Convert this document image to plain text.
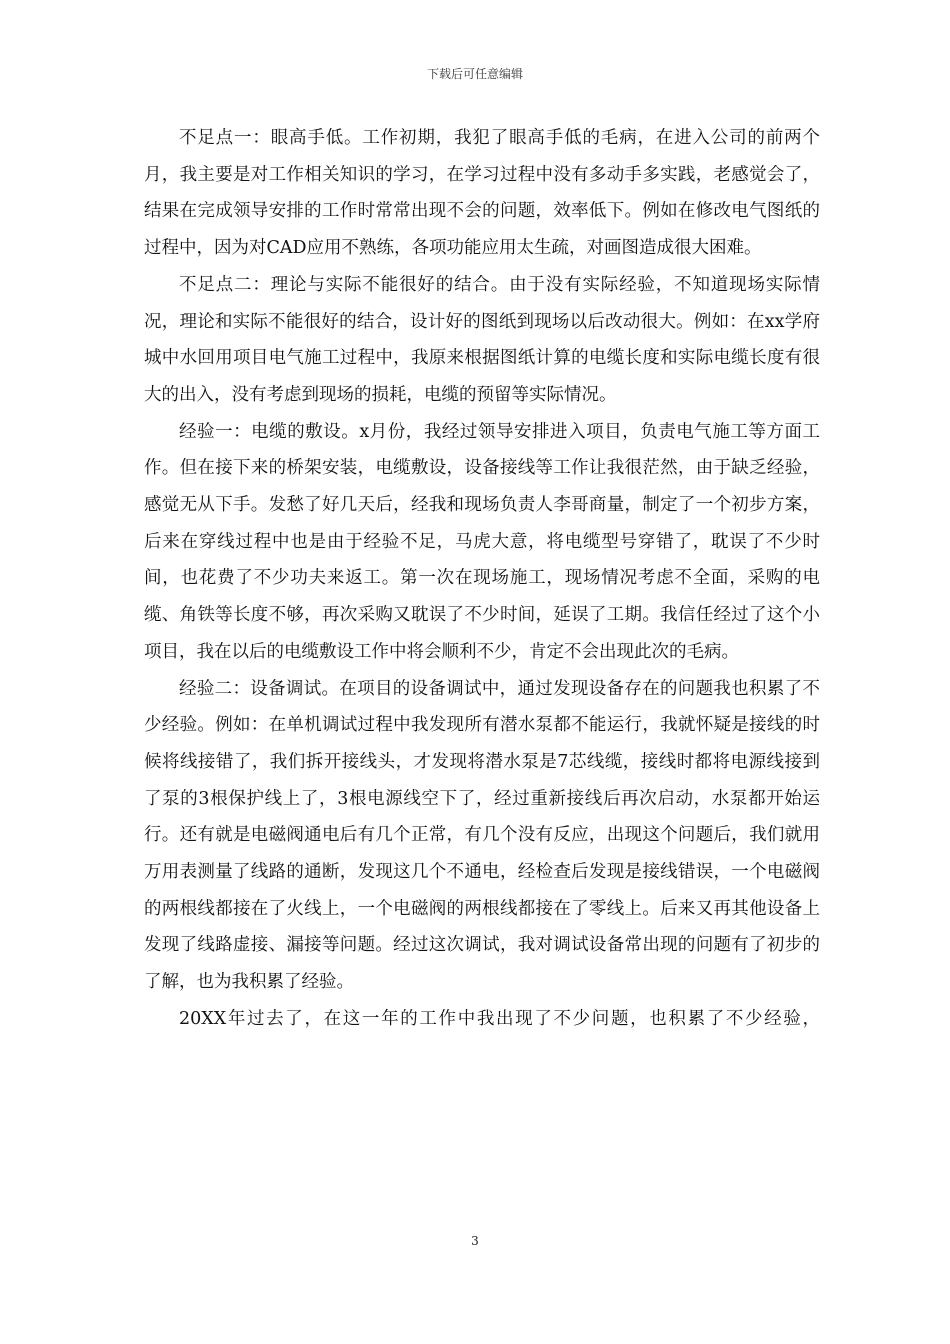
下载后可任意编辑

不足点一：眼高手低。工作初期，我犯了眼高手低的毛病，在进入公司的前两个月，我主要是对工作相关知识的学习，在学习过程中没有多动手多实践，老感觉会了，结果在完成领导安排的工作时常常出现不会的问题，效率低下。例如在修改电气图纸的过程中，因为对CAD应用不熟练，各项功能应用太生疏，对画图造成很大困难。

不足点二：理论与实际不能很好的结合。由于没有实际经验，不知道现场实际情况，理论和实际不能很好的结合，设计好的图纸到现场以后改动很大。例如：在xx学府城中水回用项目电气施工过程中，我原来根据图纸计算的电缆长度和实际电缆长度有很大的出入，没有考虑到现场的损耗，电缆的预留等实际情况。

经验一：电缆的敷设。x月份，我经过领导安排进入项目，负责电气施工等方面工作。但在接下来的桥架安装，电缆敷设，设备接线等工作让我很茫然，由于缺乏经验，感觉无从下手。发愁了好几天后，经我和现场负责人李哥商量，制定了一个初步方案，后来在穿线过程中也是由于经验不足，马虎大意，将电缆型号穿错了，耽误了不少时间，也花费了不少功夫来返工。第一次在现场施工，现场情况考虑不全面，采购的电缆、角铁等长度不够，再次采购又耽误了不少时间，延误了工期。我信任经过了这个小项目，我在以后的电缆敷设工作中将会顺利不少，肯定不会出现此次的毛病。

经验二：设备调试。在项目的设备调试中，通过发现设备存在的问题我也积累了不少经验。例如：在单机调试过程中我发现所有潜水泵都不能运行，我就怀疑是接线的时候将线接错了，我们拆开接线头，才发现将潜水泵是7芯线缆，接线时都将电源线接到了泵的3根保护线上了，3根电源线空下了，经过重新接线后再次启动，水泵都开始运行。还有就是电磁阀通电后有几个正常，有几个没有反应，出现这个问题后，我们就用万用表测量了线路的通断，发现这几个不通电，经检查后发现是接线错误，一个电磁阀的两根线都接在了火线上，一个电磁阀的两根线都接在了零线上。后来又再其他设备上发现了线路虚接、漏接等问题。经过这次调试，我对调试设备常出现的问题有了初步的了解，也为我积累了经验。

20XX年过去了，在这一年的工作中我出现了不少问题，也积累了不少经验，

3
